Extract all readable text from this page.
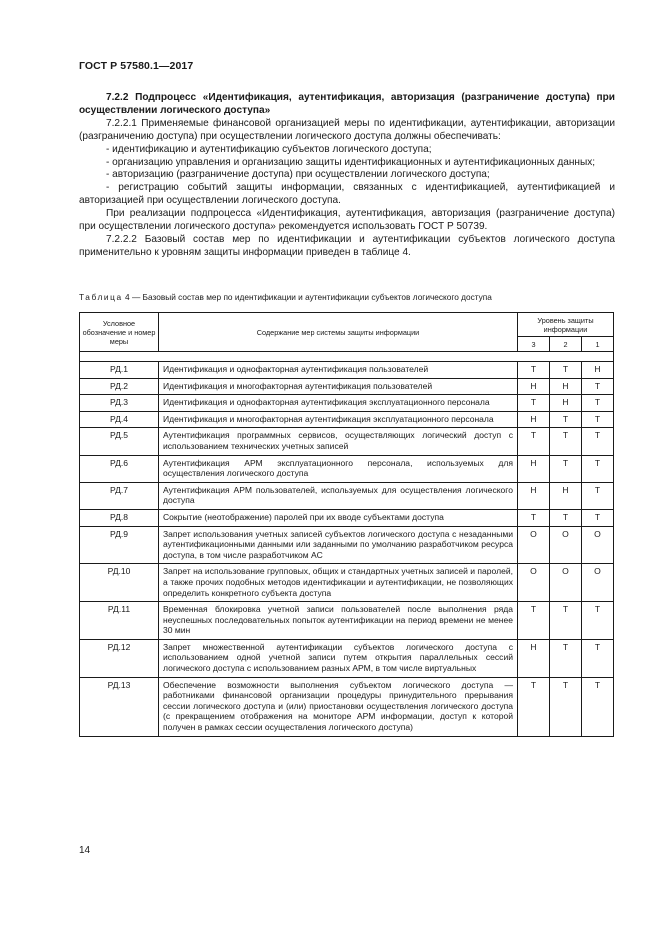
ГОСТ Р 57580.1—2017

7.2.2 Подпроцесс «Идентификация, аутентификация, авторизация (разграничение доступа) при осуществлении логического доступа»

7.2.2.1 Применяемые финансовой организацией меры по идентификации, аутентификации, авторизации (разграничению доступа) при осуществлении логического доступа должны обеспечивать:

- идентификацию и аутентификацию субъектов логического доступа;

- организацию управления и организацию защиты идентификационных и аутентификационных данных;

- авторизацию (разграничение доступа) при осуществлении логического доступа;

- регистрацию событий защиты информации, связанных с идентификацией, аутентификацией и авторизацией при осуществлении логического доступа.

При реализации подпроцесса «Идентификация, аутентификация, авторизация (разграничение доступа) при осуществлении логического доступа» рекомендуется использовать ГОСТ Р 50739.

7.2.2.2 Базовый состав мер по идентификации и аутентификации субъектов логического доступа применительно к уровням защиты информации приведен в таблице 4.

Таблица 4 — Базовый состав мер по идентификации и аутентификации субъектов логического доступа
Условное обозначение и номер меры	Содержание мер системы защиты информации	Уровень защиты информации		
		3	2	1

РД.1	Идентификация и однофакторная аутентификация пользователей	Т	Т	Н
РД.2	Идентификация и многофакторная аутентификация пользователей	Н	Н	Т
РД.3	Идентификация и однофакторная аутентификация эксплуатационного персонала	Т	Н	Т
РД.4	Идентификация и многофакторная аутентификация эксплуатационного персонала	Н	Т	Т
РД.5	Аутентификация программных сервисов, осуществляющих логический доступ с использованием технических учетных записей	Т	Т	Т
РД.6	Аутентификация АРМ эксплуатационного персонала, используемых для осуществления логического доступа	Н	Т	Т
РД.7	Аутентификация АРМ пользователей, используемых для осуществления логического доступа	Н	Н	Т
РД.8	Сокрытие (неотображение) паролей при их вводе субъектами доступа	Т	Т	Т
РД.9	Запрет использования учетных записей субъектов логического доступа с незаданными аутентификационными данными или заданными по умолчанию разработчиком ресурса доступа, в том числе разработчиком АС	О	О	О
РД.10	Запрет на использование групповых, общих и стандартных учетных записей и паролей, а также прочих подобных методов идентификации и аутентификации, не позволяющих определить конкретного субъекта доступа	О	О	О
РД.11	Временная блокировка учетной записи пользователей после выполнения ряда неуспешных последовательных попыток аутентификации на период времени не менее 30 мин	Т	Т	Т
РД.12	Запрет множественной аутентификации субъектов логического доступа с использованием одной учетной записи путем открытия параллельных сессий логического доступа с использованием разных АРМ, в том числе виртуальных	Н	Т	Т
РД.13	Обеспечение возможности выполнения субъектом логического доступа — работниками финансовой организации процедуры принудительного прерывания сессии логического доступа и (или) приостановки осуществления логического доступа (с прекращением отображения на мониторе АРМ информации, доступ к которой получен в рамках сессии осуществления логического доступа)	Т	Т	Т
14
